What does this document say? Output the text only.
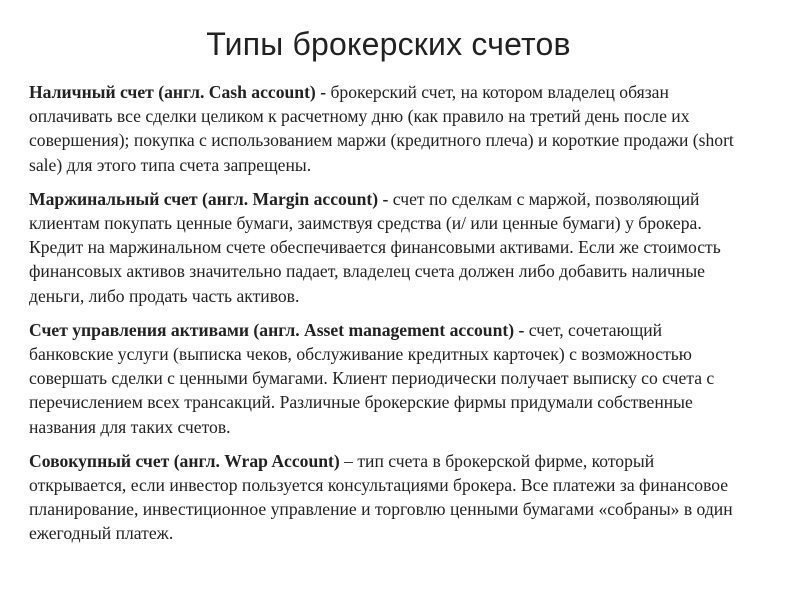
Типы брокерских счетов

Наличный счет (англ. Cash account) - брокерский счет, на котором владелец обязан оплачивать все сделки целиком к расчетному дню (как правило на третий день после их совершения); покупка с использованием маржи (кредитного плеча) и короткие продажи (short sale) для этого типа счета запрещены.

Маржинальный счет (англ. Margin account) - счет по сделкам с маржой, позволяющий клиентам покупать ценные бумаги, заимствуя средства (и/ или ценные бумаги) у брокера. Кредит на маржинальном счете обеспечивается финансовыми активами. Если же стоимость финансовых активов значительно падает, владелец счета должен либо добавить наличные деньги, либо продать часть активов.

Счет управления активами (англ. Asset management account) - счет, сочетающий банковские услуги (выписка чеков, обслуживание кредитных карточек) с возможностью совершать сделки с ценными бумагами. Клиент периодически получает выписку со счета с перечислением всех трансакций. Различные брокерские фирмы придумали собственные названия для таких счетов.

Совокупный счет (англ. Wrap Account) – тип счета в брокерской фирме, который открывается, если инвестор пользуется консультациями брокера. Все платежи за финансовое планирование, инвестиционное управление и торговлю ценными бумагами «собраны» в один ежегодный платеж.
